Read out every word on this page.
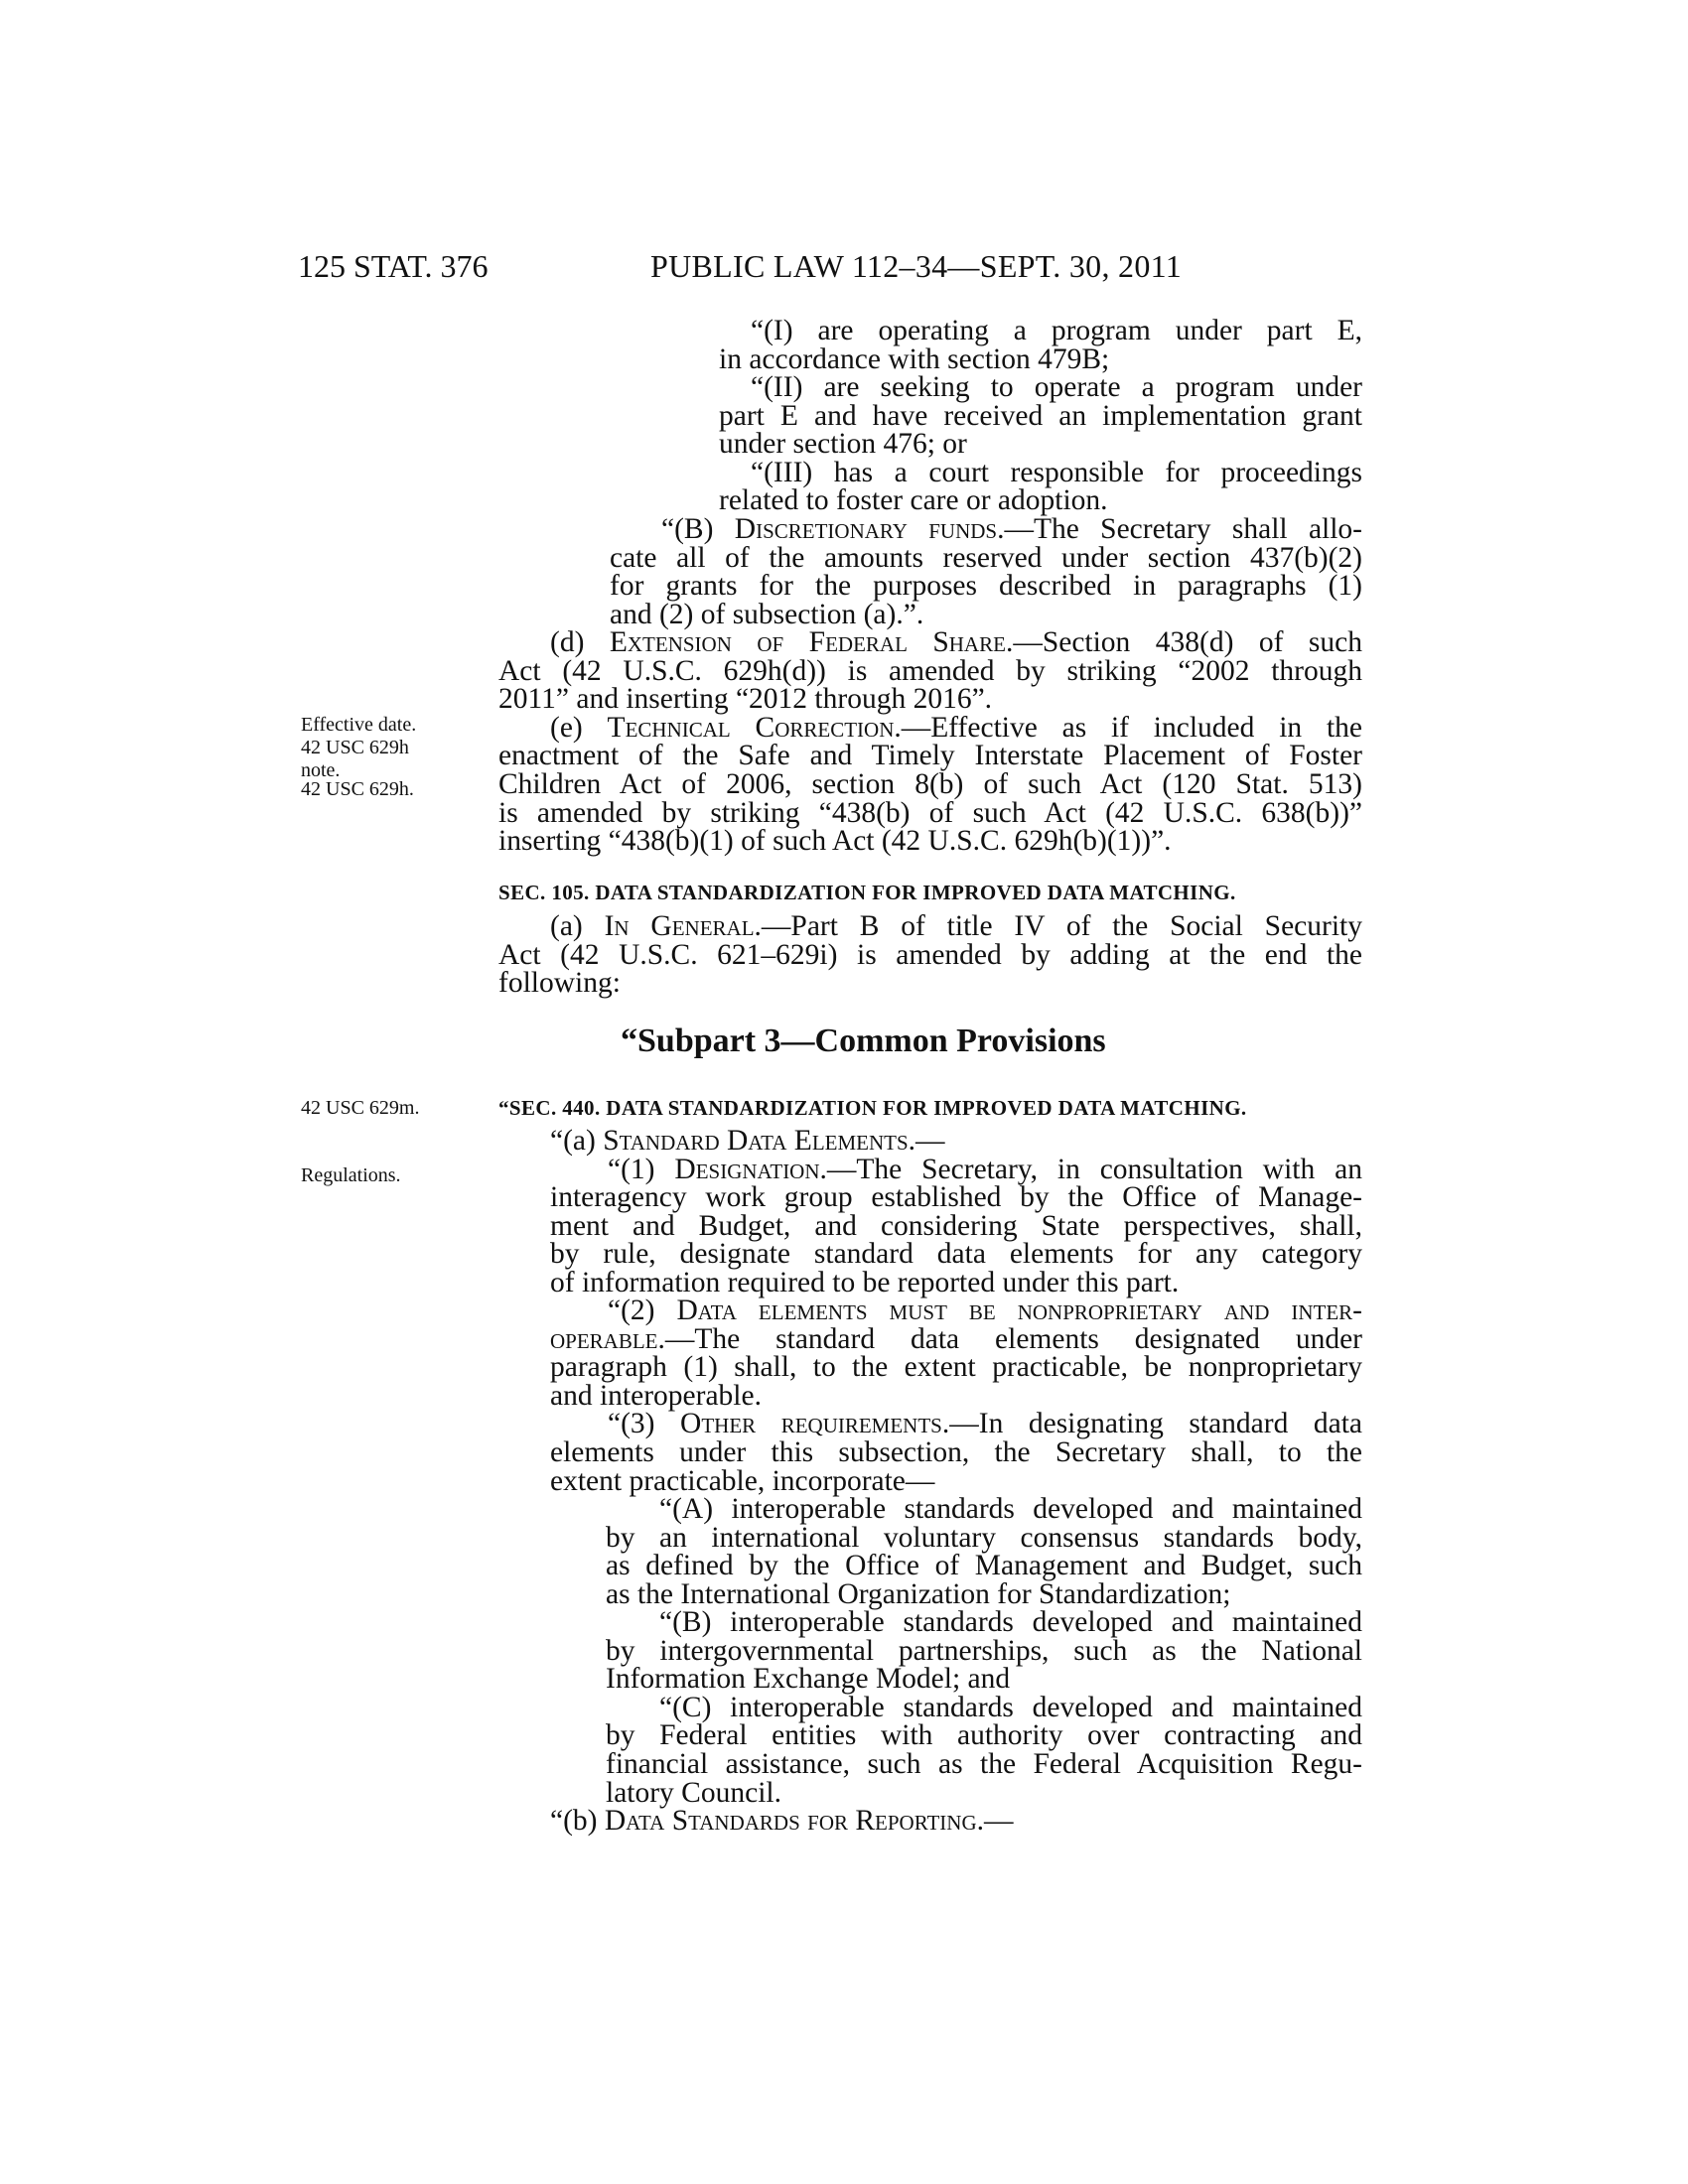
125 STAT. 376	PUBLIC LAW 112–34—SEPT. 30, 2011
Effective date.
42 USC 629h
note.
42 USC 629h.
42 USC 629m.
Regulations.
SEC. 105. DATA STANDARDIZATION FOR IMPROVED DATA MATCHING.
“SEC. 440. DATA STANDARDIZATION FOR IMPROVED DATA MATCHING.
“Subpart 3—Common Provisions
“(I) are operating a program under part E,
in accordance with section 479B;
“(II) are seeking to operate a program under
part E and have received an implementation grant
under section 476; or
“(III) has a court responsible for proceedings
related to foster care or adoption.
“(B) Discretionary funds.—The Secretary shall allo-
cate all of the amounts reserved under section 437(b)(2)
for grants for the purposes described in paragraphs (1)
and (2) of subsection (a).”.
(d) Extension of Federal Share.—Section 438(d) of such
Act (42 U.S.C. 629h(d)) is amended by striking “2002 through
2011” and inserting “2012 through 2016”.
(e) Technical Correction.—Effective as if included in the
enactment of the Safe and Timely Interstate Placement of Foster
Children Act of 2006, section 8(b) of such Act (120 Stat. 513)
is amended by striking “438(b) of such Act (42 U.S.C. 638(b))”
inserting “438(b)(1) of such Act (42 U.S.C. 629h(b)(1))”.
(a) In General.—Part B of title IV of the Social Security
Act (42 U.S.C. 621–629i) is amended by adding at the end the
following:
“(a) Standard Data Elements.—
“(1) Designation.—The Secretary, in consultation with an
interagency work group established by the Office of Manage-
ment and Budget, and considering State perspectives, shall,
by rule, designate standard data elements for any category
of information required to be reported under this part.
“(2) Data elements must be nonproprietary and inter-
operable.—The standard data elements designated under
paragraph (1) shall, to the extent practicable, be nonproprietary
and interoperable.
“(3) Other requirements.—In designating standard data
elements under this subsection, the Secretary shall, to the
extent practicable, incorporate—
“(A) interoperable standards developed and maintained
by an international voluntary consensus standards body,
as defined by the Office of Management and Budget, such
as the International Organization for Standardization;
“(B) interoperable standards developed and maintained
by intergovernmental partnerships, such as the National
Information Exchange Model; and
“(C) interoperable standards developed and maintained
by Federal entities with authority over contracting and
financial assistance, such as the Federal Acquisition Regu-
latory Council.
“(b) Data Standards for Reporting.—
